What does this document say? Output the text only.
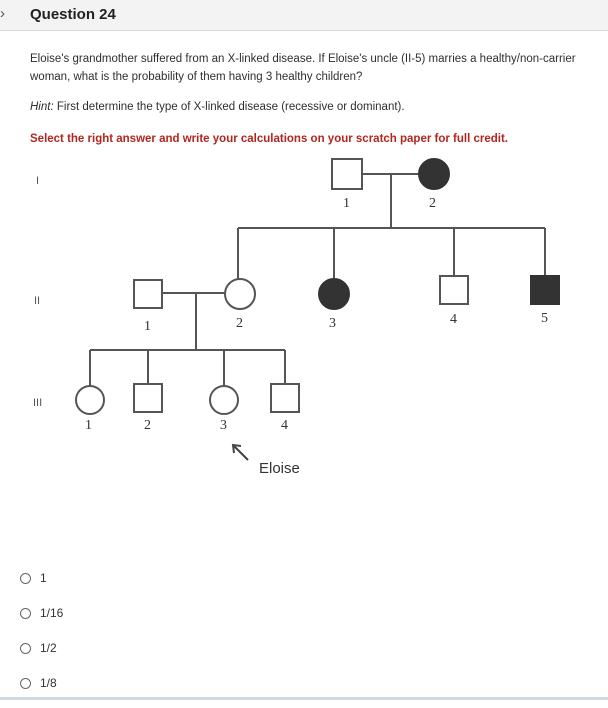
› Question 24
Eloise's grandmother suffered from an X-linked disease. If Eloise's uncle (II-5) marries a healthy/non-carrier woman, what is the probability of them having 3 healthy children?
Hint: First determine the type of X-linked disease (recessive or dominant).
Select the right answer and write your calculations on your scratch paper for full credit.
I
II
III
1	2
1	2	3	4	5
1	2	3	4
Eloise
1
1/16
1/2
1/8
